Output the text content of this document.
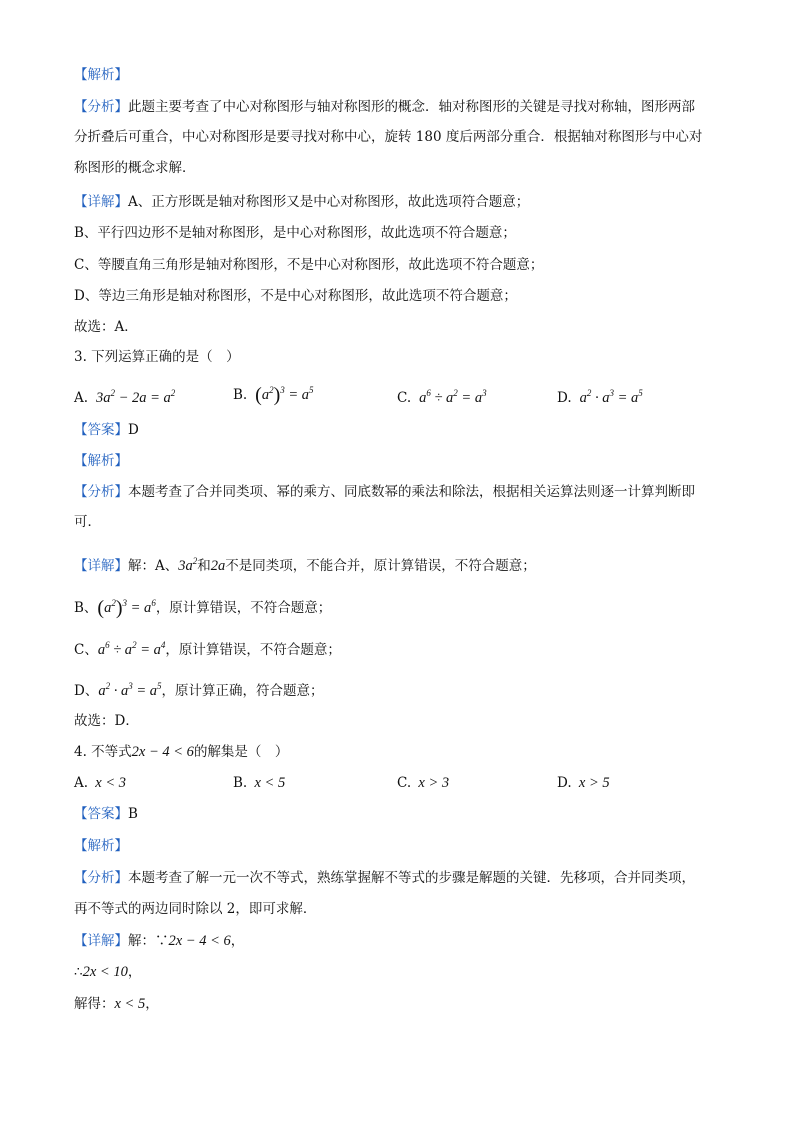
【解析】
【分析】此题主要考查了中心对称图形与轴对称图形的概念．轴对称图形的关键是寻找对称轴，图形两部
分折叠后可重合，中心对称图形是要寻找对称中心，旋转 180 度后两部分重合．根据轴对称图形与中心对
称图形的概念求解．
【详解】A、正方形既是轴对称图形又是中心对称图形，故此选项符合题意；
B、平行四边形不是轴对称图形，是中心对称图形，故此选项不符合题意；
C、等腰直角三角形是轴对称图形，不是中心对称图形，故此选项不符合题意；
D、等边三角形是轴对称图形，不是中心对称图形，故此选项不符合题意；
故选：A．
3. 下列运算正确的是（　）
A.  $3a^2 - 2a = a^2$	B. $(a^2)^3 = a^5$	C.  $a^6 \div a^2 = a^3$	D.  $a^2 \cdot a^3 = a^5$
【答案】D
【解析】
【分析】本题考查了合并同类项、幂的乘方、同底数幂的乘法和除法，根据相关运算法则逐一计算判断即
可．
【详解】解：A、$3a^2$和2a不是同类项，不能合并，原计算错误，不符合题意；
B、$(a^2)^3 = a^6$，原计算错误，不符合题意；
C、$a^6 \div a^2 = a^4$，原计算错误，不符合题意；
D、$a^2 \cdot a^3 = a^5$，原计算正确，符合题意；
故选：D．
4. 不等式2x − 4 < 6的解集是（　）
A.  x < 3	B.  x < 5	C.  x > 3	D.  x > 5
【答案】B
【解析】
【分析】本题考查了解一元一次不等式，熟练掌握解不等式的步骤是解题的关键．先移项，合并同类项，
再不等式的两边同时除以 2，即可求解．
【详解】解：∵2x − 4 < 6，
∴2x < 10，
解得：x < 5，
